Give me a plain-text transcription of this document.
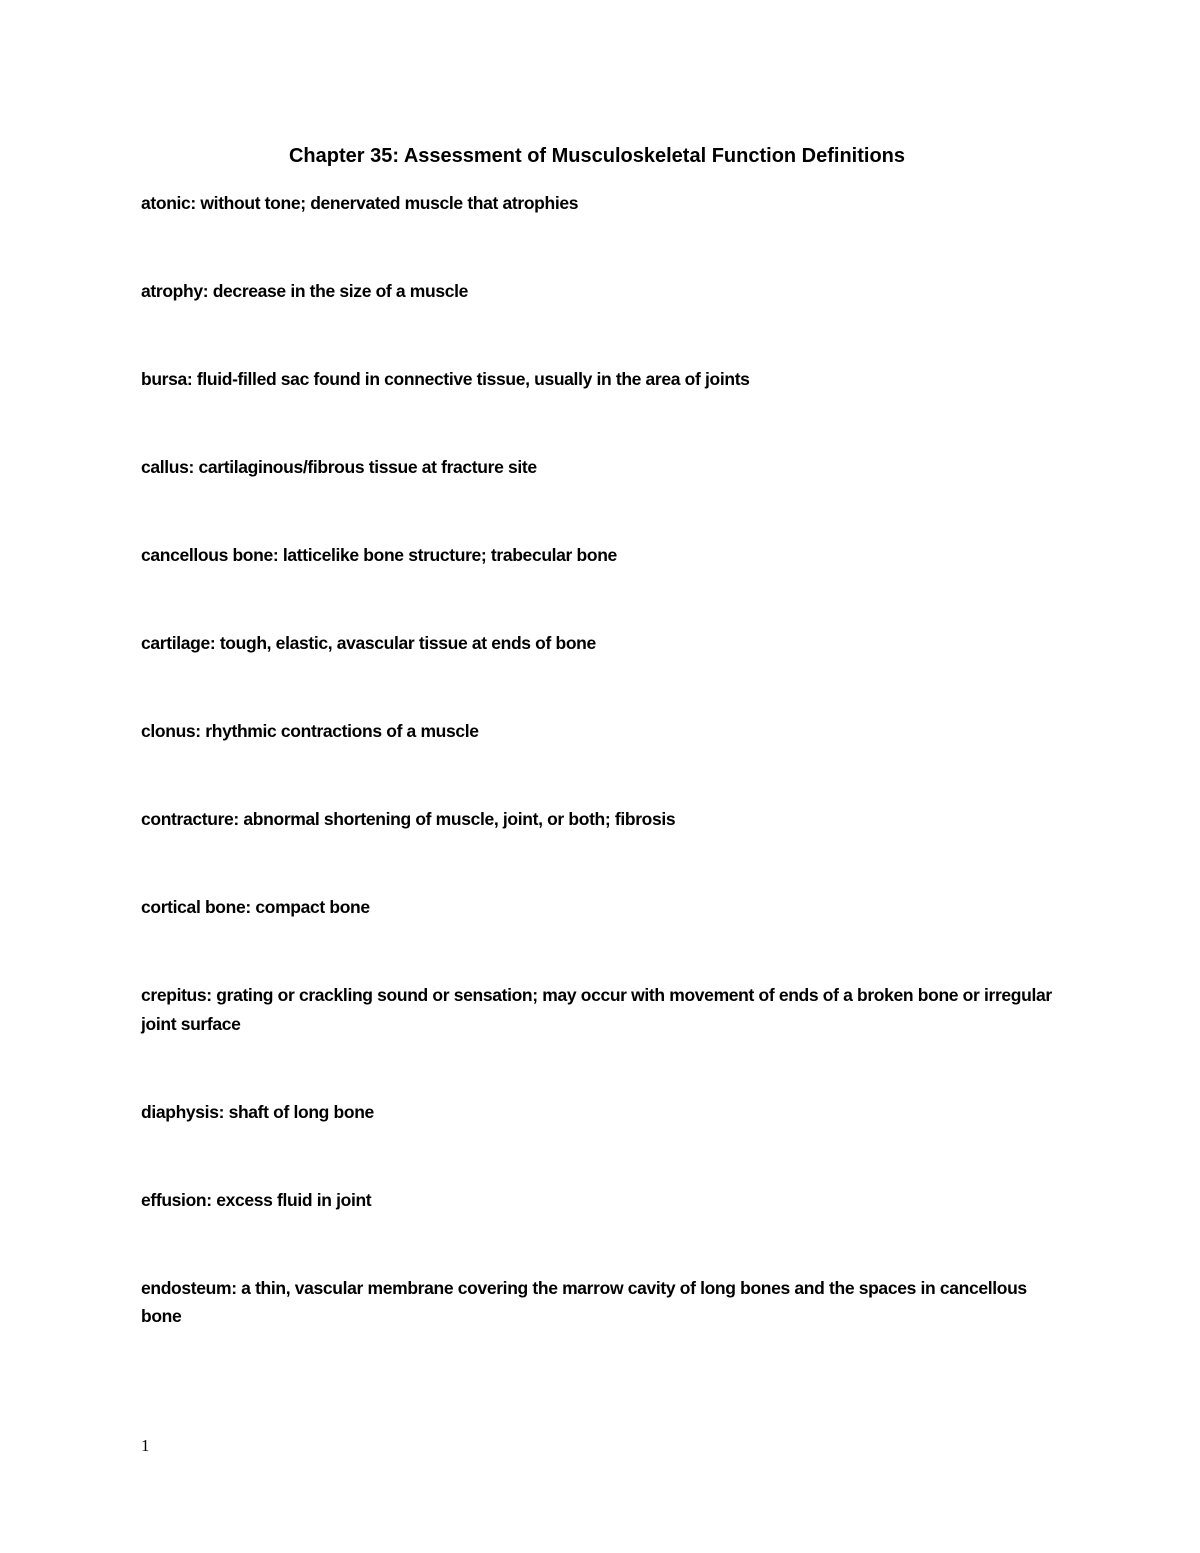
Chapter 35: Assessment of Musculoskeletal Function Definitions
atonic: without tone; denervated muscle that atrophies
atrophy: decrease in the size of a muscle
bursa: fluid-filled sac found in connective tissue, usually in the area of joints
callus: cartilaginous/fibrous tissue at fracture site
cancellous bone: latticelike bone structure; trabecular bone
cartilage: tough, elastic, avascular tissue at ends of bone
clonus: rhythmic contractions of a muscle
contracture: abnormal shortening of muscle, joint, or both; fibrosis
cortical bone: compact bone
crepitus: grating or crackling sound or sensation; may occur with movement of ends of a broken bone or irregular joint surface
diaphysis: shaft of long bone
effusion: excess fluid in joint
endosteum: a thin, vascular membrane covering the marrow cavity of long bones and the spaces in cancellous bone
1
